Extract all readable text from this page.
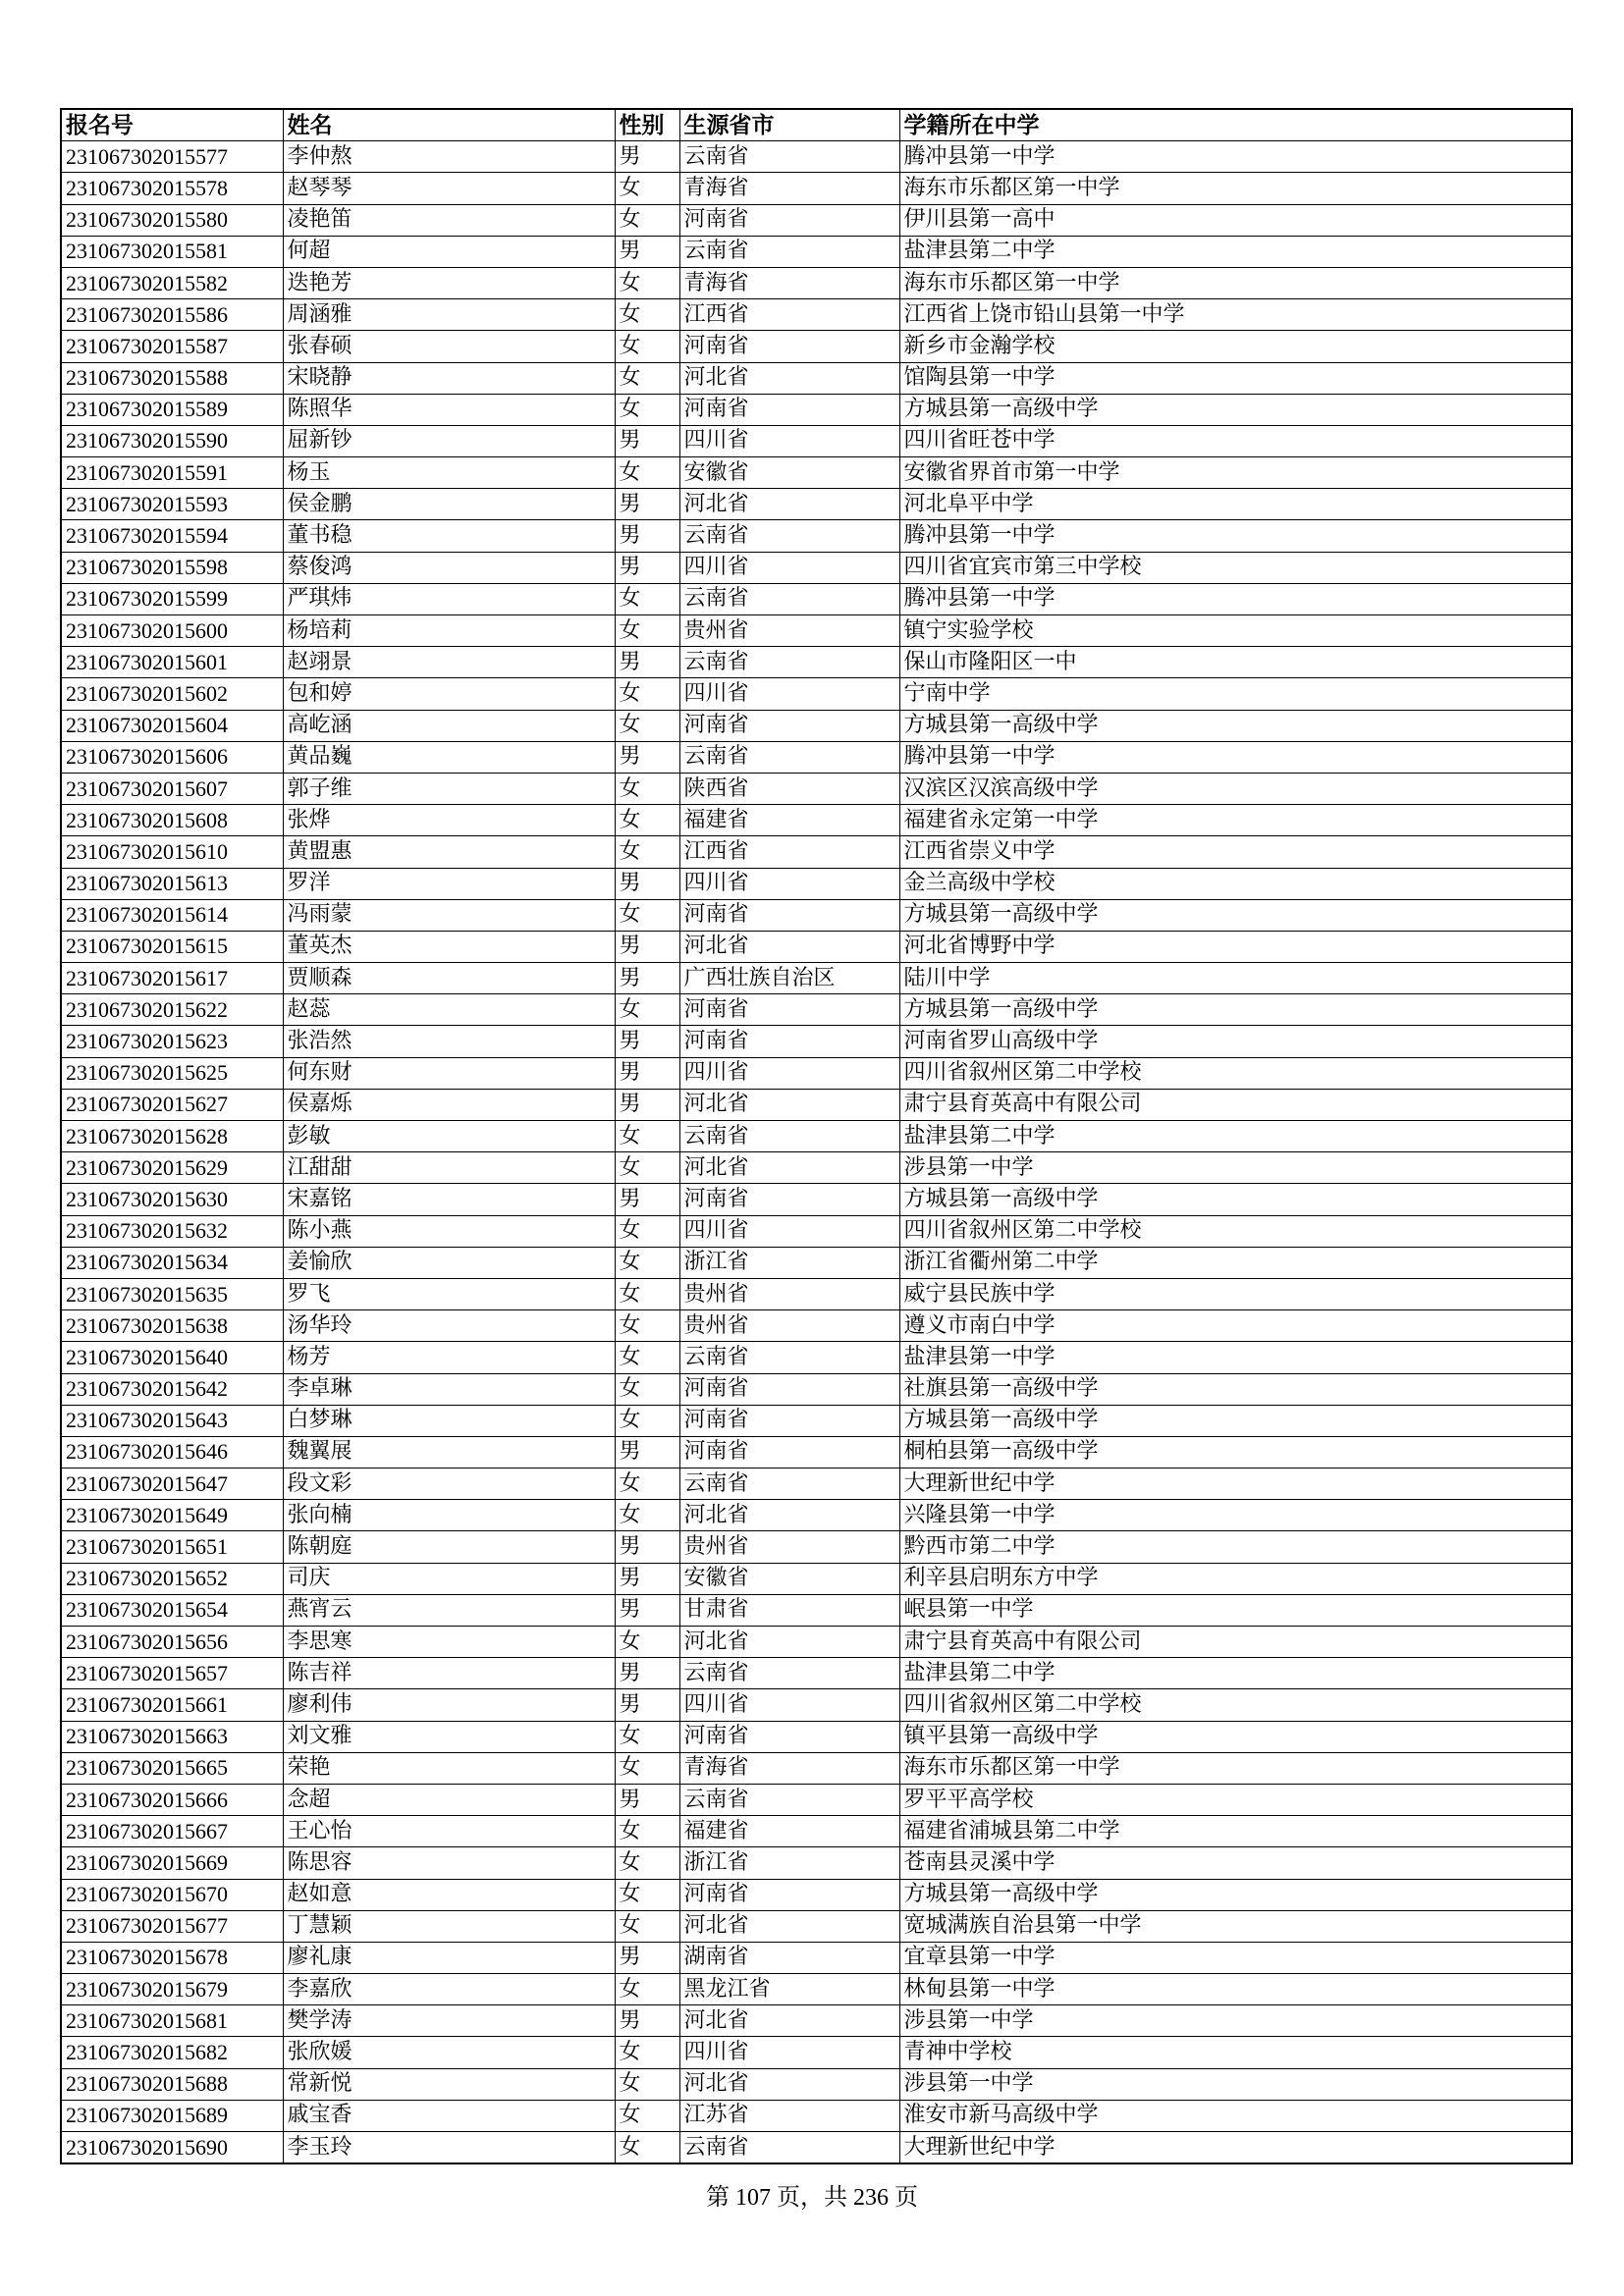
报名号	姓名	性别	生源省市	学籍所在中学
231067302015577	李仲熬	男	云南省	腾冲县第一中学
231067302015578	赵琴琴	女	青海省	海东市乐都区第一中学
231067302015580	凌艳笛	女	河南省	伊川县第一高中
231067302015581	何超	男	云南省	盐津县第二中学
231067302015582	迭艳芳	女	青海省	海东市乐都区第一中学
231067302015586	周涵雅	女	江西省	江西省上饶市铅山县第一中学
231067302015587	张春硕	女	河南省	新乡市金瀚学校
231067302015588	宋晓静	女	河北省	馆陶县第一中学
231067302015589	陈照华	女	河南省	方城县第一高级中学
231067302015590	屈新钞	男	四川省	四川省旺苍中学
231067302015591	杨玉	女	安徽省	安徽省界首市第一中学
231067302015593	侯金鹏	男	河北省	河北阜平中学
231067302015594	董书稳	男	云南省	腾冲县第一中学
231067302015598	蔡俊鸿	男	四川省	四川省宜宾市第三中学校
231067302015599	严琪炜	女	云南省	腾冲县第一中学
231067302015600	杨培莉	女	贵州省	镇宁实验学校
231067302015601	赵翊景	男	云南省	保山市隆阳区一中
231067302015602	包和婷	女	四川省	宁南中学
231067302015604	高屹涵	女	河南省	方城县第一高级中学
231067302015606	黄品巍	男	云南省	腾冲县第一中学
231067302015607	郭子维	女	陕西省	汉滨区汉滨高级中学
231067302015608	张烨	女	福建省	福建省永定第一中学
231067302015610	黄盟惠	女	江西省	江西省崇义中学
231067302015613	罗洋	男	四川省	金兰高级中学校
231067302015614	冯雨蒙	女	河南省	方城县第一高级中学
231067302015615	董英杰	男	河北省	河北省博野中学
231067302015617	贾顺森	男	广西壮族自治区	陆川中学
231067302015622	赵蕊	女	河南省	方城县第一高级中学
231067302015623	张浩然	男	河南省	河南省罗山高级中学
231067302015625	何东财	男	四川省	四川省叙州区第二中学校
231067302015627	侯嘉烁	男	河北省	肃宁县育英高中有限公司
231067302015628	彭敏	女	云南省	盐津县第二中学
231067302015629	江甜甜	女	河北省	涉县第一中学
231067302015630	宋嘉铭	男	河南省	方城县第一高级中学
231067302015632	陈小燕	女	四川省	四川省叙州区第二中学校
231067302015634	姜愉欣	女	浙江省	浙江省衢州第二中学
231067302015635	罗飞	女	贵州省	威宁县民族中学
231067302015638	汤华玲	女	贵州省	遵义市南白中学
231067302015640	杨芳	女	云南省	盐津县第一中学
231067302015642	李卓琳	女	河南省	社旗县第一高级中学
231067302015643	白梦琳	女	河南省	方城县第一高级中学
231067302015646	魏翼展	男	河南省	桐柏县第一高级中学
231067302015647	段文彩	女	云南省	大理新世纪中学
231067302015649	张向楠	女	河北省	兴隆县第一中学
231067302015651	陈朝庭	男	贵州省	黔西市第二中学
231067302015652	司庆	男	安徽省	利辛县启明东方中学
231067302015654	燕宵云	男	甘肃省	岷县第一中学
231067302015656	李思寒	女	河北省	肃宁县育英高中有限公司
231067302015657	陈吉祥	男	云南省	盐津县第二中学
231067302015661	廖利伟	男	四川省	四川省叙州区第二中学校
231067302015663	刘文雅	女	河南省	镇平县第一高级中学
231067302015665	荣艳	女	青海省	海东市乐都区第一中学
231067302015666	念超	男	云南省	罗平平高学校
231067302015667	王心怡	女	福建省	福建省浦城县第二中学
231067302015669	陈思容	女	浙江省	苍南县灵溪中学
231067302015670	赵如意	女	河南省	方城县第一高级中学
231067302015677	丁慧颖	女	河北省	宽城满族自治县第一中学
231067302015678	廖礼康	男	湖南省	宜章县第一中学
231067302015679	李嘉欣	女	黑龙江省	林甸县第一中学
231067302015681	樊学涛	男	河北省	涉县第一中学
231067302015682	张欣媛	女	四川省	青神中学校
231067302015688	常新悦	女	河北省	涉县第一中学
231067302015689	戚宝香	女	江苏省	淮安市新马高级中学
231067302015690	李玉玲	女	云南省	大理新世纪中学
第 107 页，共 236 页
